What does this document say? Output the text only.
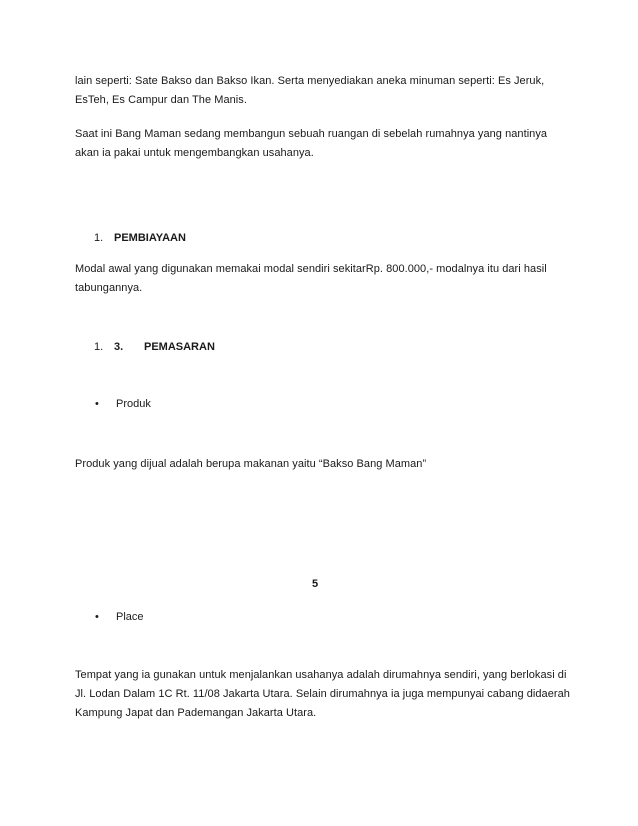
lain seperti: Sate Bakso dan Bakso Ikan. Serta menyediakan aneka minuman seperti: Es Jeruk, EsTeh, Es Campur dan The Manis.

Saat ini Bang Maman sedang membangun sebuah ruangan di sebelah rumahnya yang nantinya akan ia pakai untuk mengembangkan usahanya.

1. PEMBIAYAAN

Modal awal yang digunakan memakai modal sendiri sekitarRp. 800.000,- modalnya itu dari hasil tabungannya.

1. 3. PEMASARAN
• Produk

Produk yang dijual adalah berupa makanan yaitu “Bakso Bang Maman”

5
• Place

Tempat yang ia gunakan untuk menjalankan usahanya adalah dirumahnya sendiri, yang berlokasi di Jl. Lodan Dalam 1C Rt. 11/08 Jakarta Utara. Selain dirumahnya ia juga mempunyai cabang didaerah Kampung Japat dan Pademangan Jakarta Utara.
